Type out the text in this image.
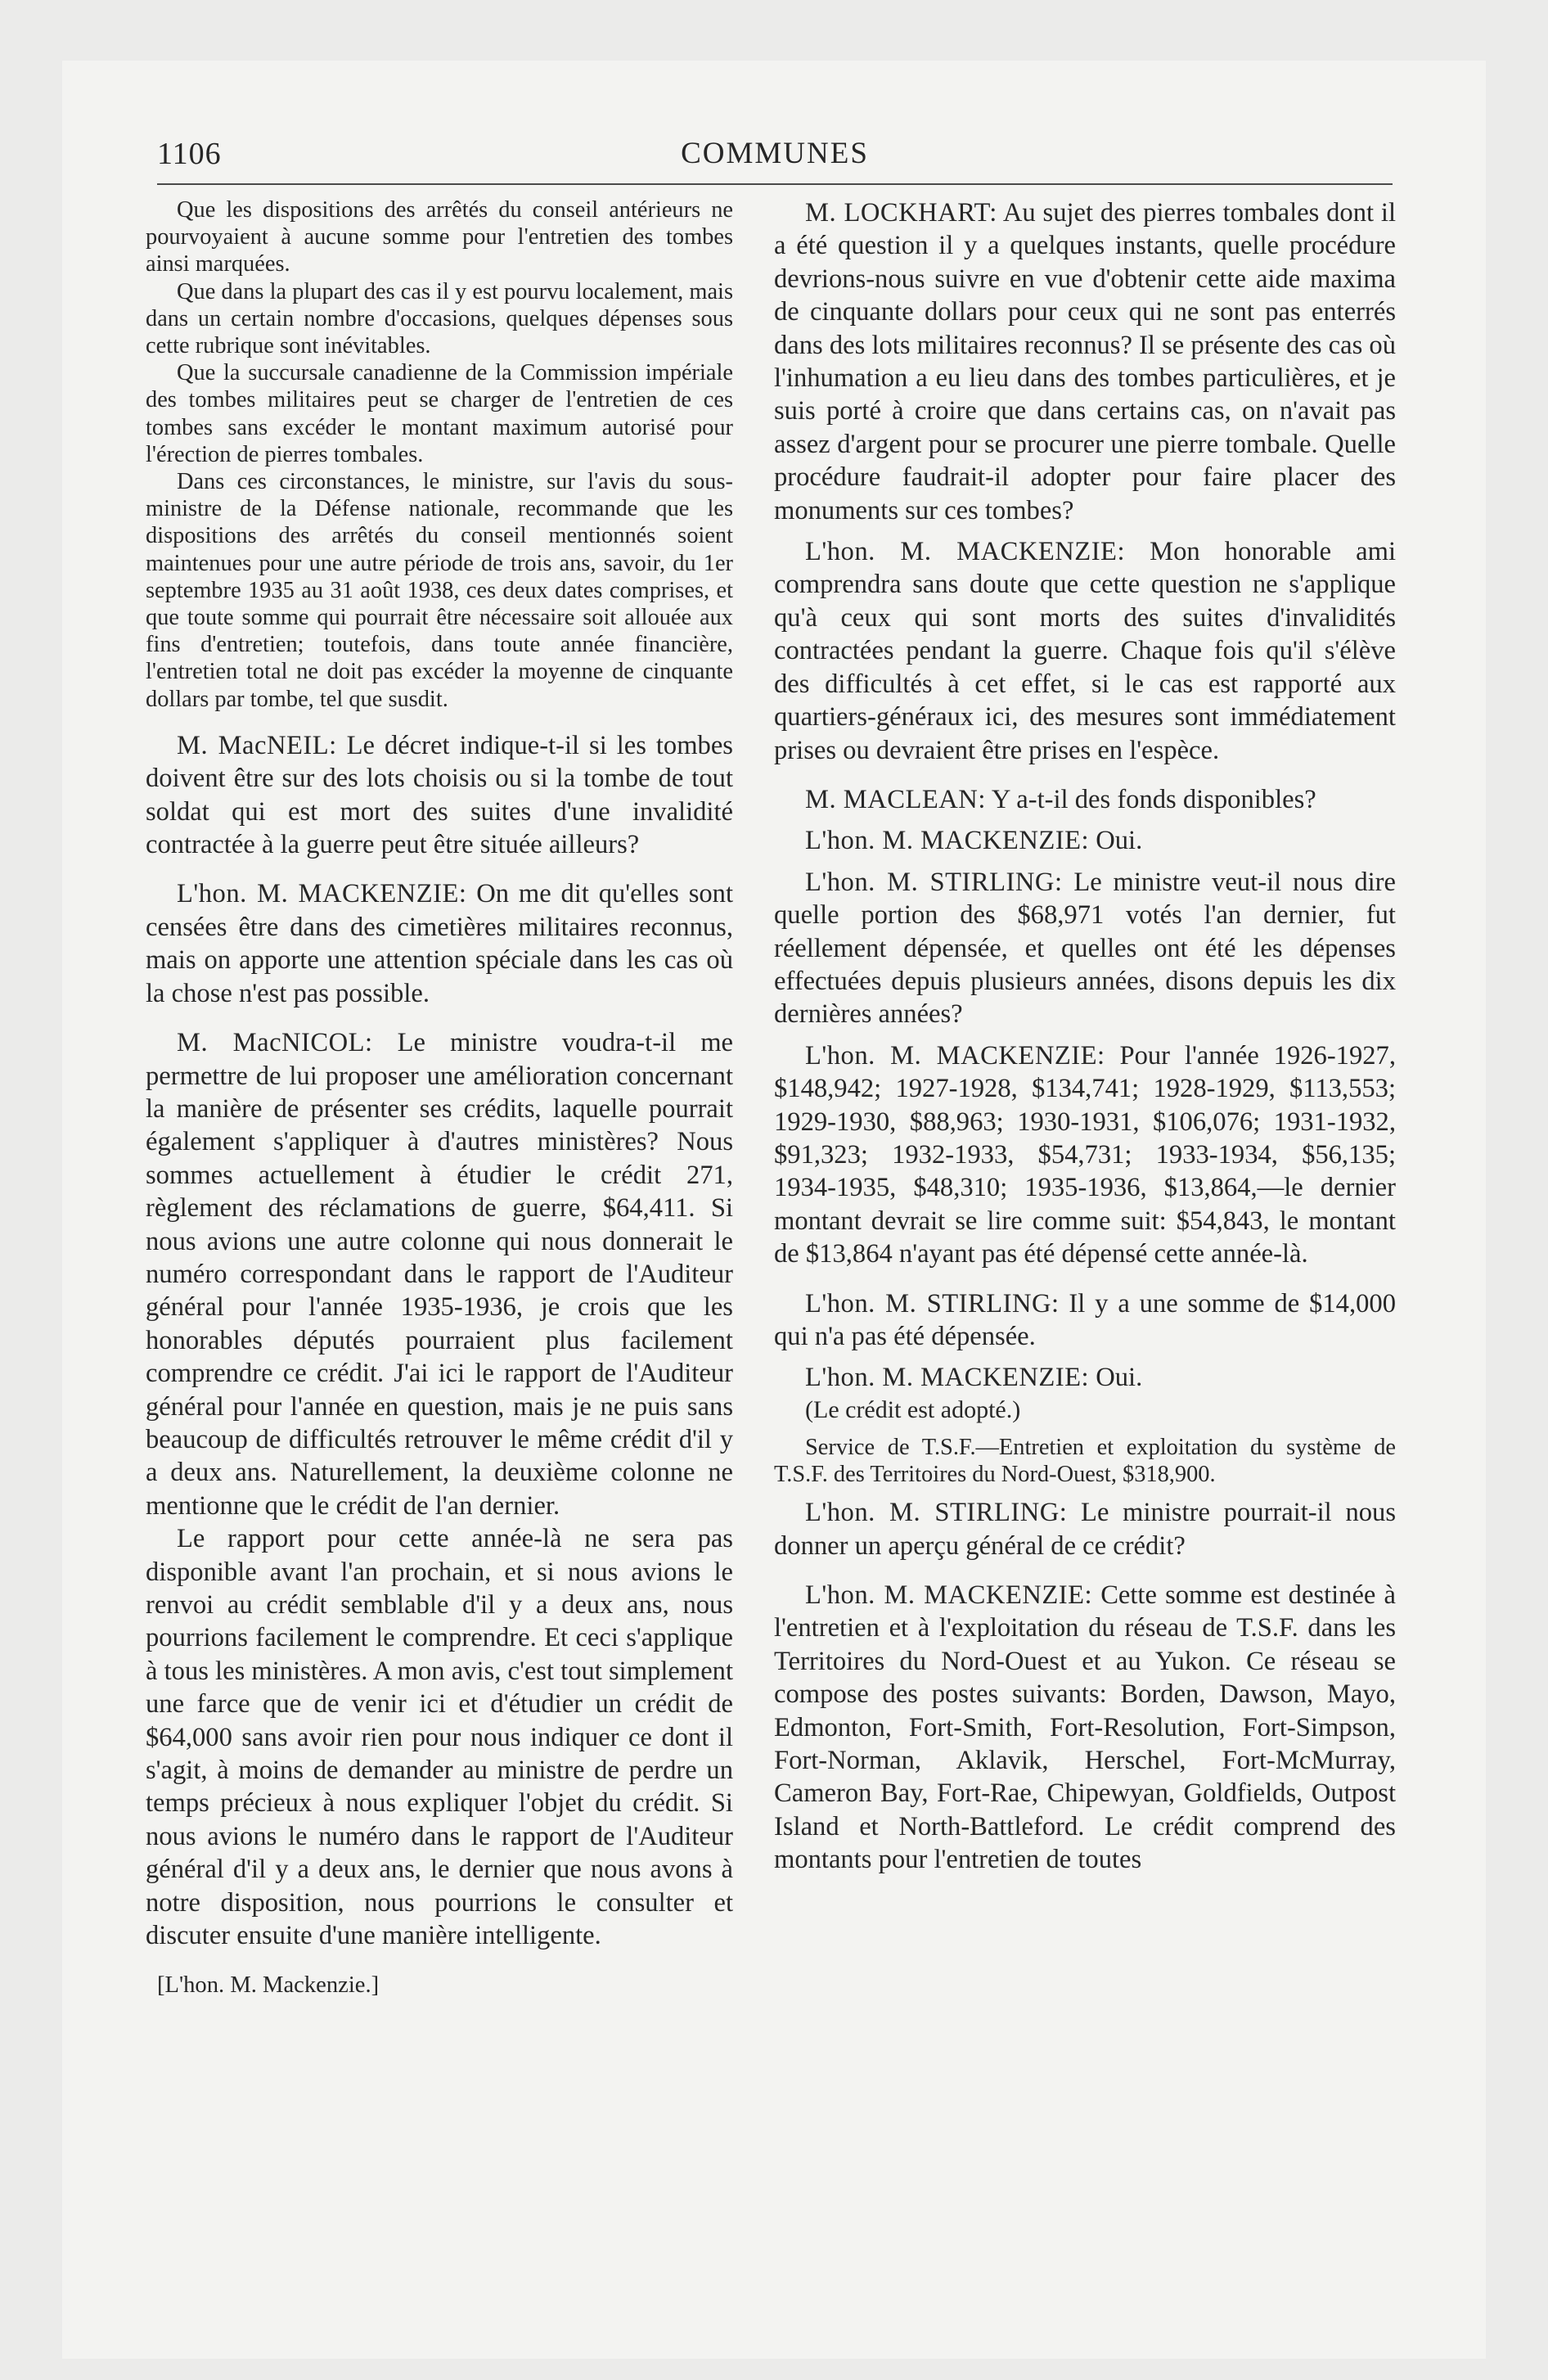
1106	COMMUNES

Que les dispositions des arrêtés du conseil antérieurs ne pourvoyaient à aucune somme pour l'entretien des tombes ainsi marquées.

Que dans la plupart des cas il y est pourvu localement, mais dans un certain nombre d'occasions, quelques dépenses sous cette rubrique sont inévitables.

Que la succursale canadienne de la Commission impériale des tombes militaires peut se charger de l'entretien de ces tombes sans excéder le montant maximum autorisé pour l'érection de pierres tombales.

Dans ces circonstances, le ministre, sur l'avis du sous-ministre de la Défense nationale, recommande que les dispositions des arrêtés du conseil mentionnés soient maintenues pour une autre période de trois ans, savoir, du 1er septembre 1935 au 31 août 1938, ces deux dates comprises, et que toute somme qui pourrait être nécessaire soit allouée aux fins d'entretien; toutefois, dans toute année financière, l'entretien total ne doit pas excéder la moyenne de cinquante dollars par tombe, tel que susdit.

M. MacNEIL: Le décret indique-t-il si les tombes doivent être sur des lots choisis ou si la tombe de tout soldat qui est mort des suites d'une invalidité contractée à la guerre peut être située ailleurs?

L'hon. M. MACKENZIE: On me dit qu'elles sont censées être dans des cimetières militaires reconnus, mais on apporte une attention spéciale dans les cas où la chose n'est pas possible.

M. MacNICOL: Le ministre voudra-t-il me permettre de lui proposer une amélioration concernant la manière de présenter ses crédits, laquelle pourrait également s'appliquer à d'autres ministères? Nous sommes actuellement à étudier le crédit 271, règlement des réclamations de guerre, $64,411. Si nous avions une autre colonne qui nous donnerait le numéro correspondant dans le rapport de l'Auditeur général pour l'année 1935-1936, je crois que les honorables députés pourraient plus facilement comprendre ce crédit. J'ai ici le rapport de l'Auditeur général pour l'année en question, mais je ne puis sans beaucoup de difficultés retrouver le même crédit d'il y a deux ans. Naturellement, la deuxième colonne ne mentionne que le crédit de l'an dernier.

Le rapport pour cette année-là ne sera pas disponible avant l'an prochain, et si nous avions le renvoi au crédit semblable d'il y a deux ans, nous pourrions facilement le comprendre. Et ceci s'applique à tous les ministères. A mon avis, c'est tout simplement une farce que de venir ici et d'étudier un crédit de $64,000 sans avoir rien pour nous indiquer ce dont il s'agit, à moins de demander au ministre de perdre un temps précieux à nous expliquer l'objet du crédit. Si nous avions le numéro dans le rapport de l'Auditeur général d'il y a deux ans, le dernier que nous avons à notre disposition, nous pourrions le consulter et discuter ensuite d'une manière intelligente.

[L'hon. M. Mackenzie.]

M. LOCKHART: Au sujet des pierres tombales dont il a été question il y a quelques instants, quelle procédure devrions-nous suivre en vue d'obtenir cette aide maxima de cinquante dollars pour ceux qui ne sont pas enterrés dans des lots militaires reconnus? Il se présente des cas où l'inhumation a eu lieu dans des tombes particulières, et je suis porté à croire que dans certains cas, on n'avait pas assez d'argent pour se procurer une pierre tombale. Quelle procédure faudrait-il adopter pour faire placer des monuments sur ces tombes?

L'hon. M. MACKENZIE: Mon honorable ami comprendra sans doute que cette question ne s'applique qu'à ceux qui sont morts des suites d'invalidités contractées pendant la guerre. Chaque fois qu'il s'élève des difficultés à cet effet, si le cas est rapporté aux quartiers-généraux ici, des mesures sont immédiatement prises ou devraient être prises en l'espèce.

M. MACLEAN: Y a-t-il des fonds disponibles?

L'hon. M. MACKENZIE: Oui.

L'hon. M. STIRLING: Le ministre veut-il nous dire quelle portion des $68,971 votés l'an dernier, fut réellement dépensée, et quelles ont été les dépenses effectuées depuis plusieurs années, disons depuis les dix dernières années?

L'hon. M. MACKENZIE: Pour l'année 1926-1927, $148,942; 1927-1928, $134,741; 1928-1929, $113,553; 1929-1930, $88,963; 1930-1931, $106,076; 1931-1932, $91,323; 1932-1933, $54,731; 1933-1934, $56,135; 1934-1935, $48,310; 1935-1936, $13,864,—le dernier montant devrait se lire comme suit: $54,843, le montant de $13,864 n'ayant pas été dépensé cette année-là.

L'hon. M. STIRLING: Il y a une somme de $14,000 qui n'a pas été dépensée.

L'hon. M. MACKENZIE: Oui.

(Le crédit est adopté.)

Service de T.S.F.—Entretien et exploitation du système de T.S.F. des Territoires du Nord-Ouest, $318,900.

L'hon. M. STIRLING: Le ministre pourrait-il nous donner un aperçu général de ce crédit?

L'hon. M. MACKENZIE: Cette somme est destinée à l'entretien et à l'exploitation du réseau de T.S.F. dans les Territoires du Nord-Ouest et au Yukon. Ce réseau se compose des postes suivants: Borden, Dawson, Mayo, Edmonton, Fort-Smith, Fort-Resolution, Fort-Simpson, Fort-Norman, Aklavik, Herschel, Fort-McMurray, Cameron Bay, Fort-Rae, Chipewyan, Goldfields, Outpost Island et North-Battleford. Le crédit comprend des montants pour l'entretien de toutes
